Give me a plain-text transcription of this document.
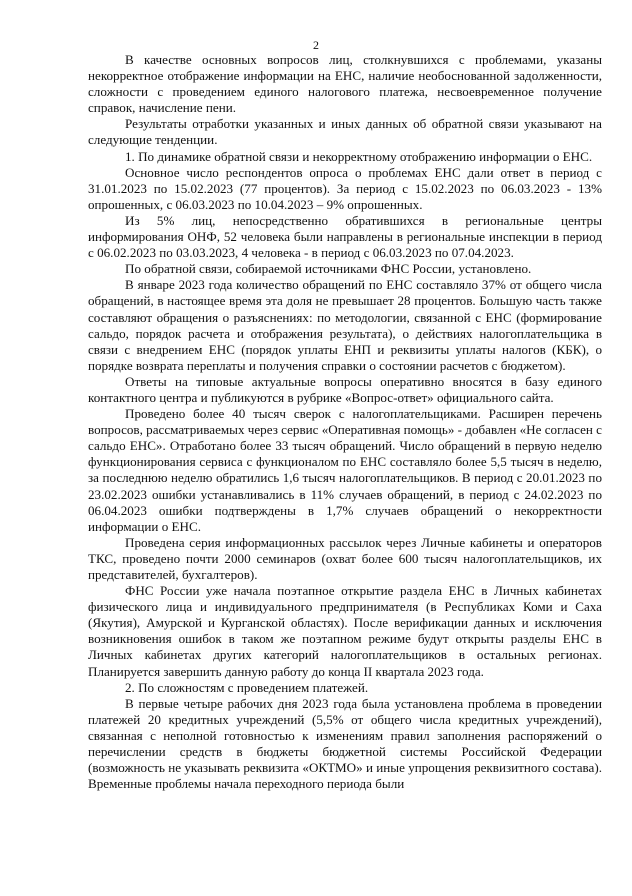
2

В качестве основных вопросов лиц, столкнувшихся с проблемами, указаны некорректное отображение информации на ЕНС, наличие необоснованной задолженности, сложности с проведением единого налогового платежа, несвоевременное получение справок, начисление пени.

Результаты отработки указанных и иных данных об обратной связи указывают на следующие тенденции.

1. По динамике обратной связи и некорректному отображению информации о ЕНС.

Основное число респондентов опроса о проблемах ЕНС дали ответ в период с 31.01.2023 по 15.02.2023 (77 процентов). За период с 15.02.2023 по 06.03.2023 - 13% опрошенных, с 06.03.2023 по 10.04.2023 – 9% опрошенных.

Из 5% лиц, непосредственно обратившихся в региональные центры информирования ОНФ, 52 человека были направлены в региональные инспекции в период с 06.02.2023 по 03.03.2023, 4 человека - в период с 06.03.2023 по 07.04.2023.

По обратной связи, собираемой источниками ФНС России, установлено.

В январе 2023 года количество обращений по ЕНС составляло 37% от общего числа обращений, в настоящее время эта доля не превышает 28 процентов. Большую часть также составляют обращения о разъяснениях: по методологии, связанной с ЕНС (формирование сальдо, порядок расчета и отображения результата), о действиях налогоплательщика в связи с внедрением ЕНС (порядок уплаты ЕНП и реквизиты уплаты налогов (КБК), о порядке возврата переплаты и получения справки о состоянии расчетов с бюджетом).

Ответы на типовые актуальные вопросы оперативно вносятся в базу единого контактного центра и публикуются в рубрике «Вопрос-ответ» официального сайта.

Проведено более 40 тысяч сверок с налогоплательщиками. Расширен перечень вопросов, рассматриваемых через сервис «Оперативная помощь» - добавлен «Не согласен с сальдо ЕНС». Отработано более 33 тысяч обращений. Число обращений в первую неделю функционирования сервиса с функционалом по ЕНС составляло более 5,5 тысяч в неделю, за последнюю неделю обратились 1,6 тысяч налогоплательщиков. В период с 20.01.2023 по 23.02.2023 ошибки устанавливались в 11% случаев обращений, в период с 24.02.2023 по 06.04.2023 ошибки подтверждены в 1,7% случаев обращений о некорректности информации о ЕНС.

Проведена серия информационных рассылок через Личные кабинеты и операторов ТКС, проведено почти 2000 семинаров (охват более 600 тысяч налогоплательщиков, их представителей, бухгалтеров).

ФНС России уже начала поэтапное открытие раздела ЕНС в Личных кабинетах физического лица и индивидуального предпринимателя (в Республиках Коми и Саха (Якутия), Амурской и Курганской областях). После верификации данных и исключения возникновения ошибок в таком же поэтапном режиме будут открыты разделы ЕНС в Личных кабинетах других категорий налогоплательщиков в остальных регионах. Планируется завершить данную работу до конца II квартала 2023 года.

2. По сложностям с проведением платежей.

В первые четыре рабочих дня 2023 года была установлена проблема в проведении платежей 20 кредитных учреждений (5,5% от общего числа кредитных учреждений), связанная с неполной готовностью к изменениям правил заполнения распоряжений о перечислении средств в бюджеты бюджетной системы Российской Федерации (возможность не указывать реквизита «ОКТМО» и иные упрощения реквизитного состава). Временные проблемы начала переходного периода были
